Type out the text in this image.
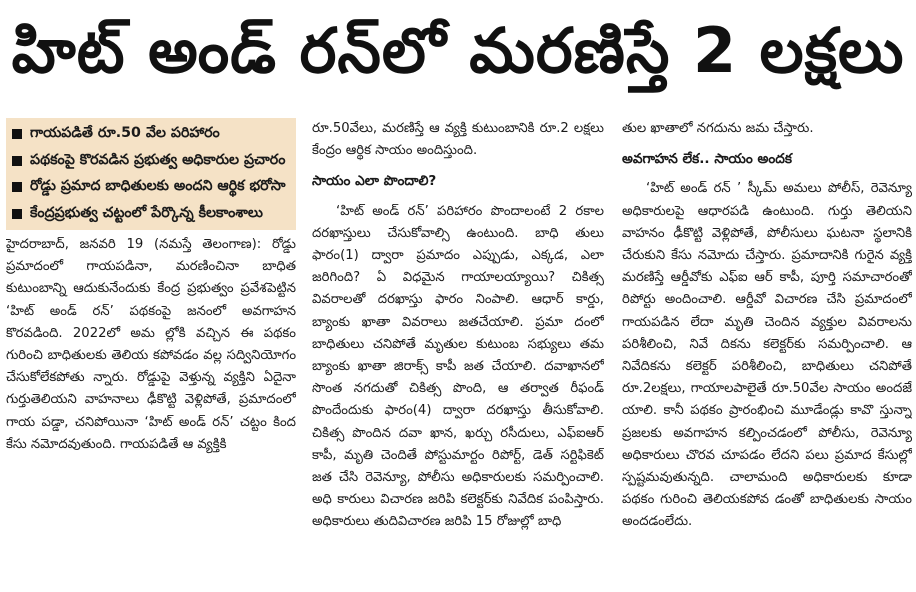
హిట్ అండ్ రన్‌లో మరణిస్తే 2 లక్షలు
గాయపడితే రూ.50 వేల పరిహారం
పథకంపై కొరవడిన ప్రభుత్వ అధికారుల ప్రచారం
రోడ్డు ప్రమాద బాధితులకు అందని ఆర్థిక భరోసా
కేంద్రప్రభుత్వ చట్టంలో పేర్కొన్న కీలకాంశాలు

హైదరాబాద్, జనవరి 19 (నమస్తే తెలంగాణ): రోడ్డు ప్రమాదంలో గాయపడినా, మరణించినా బాధిత కుటుంబాన్ని ఆదుకునేందుకు కేంద్ర ప్రభుత్వం ప్రవేశపెట్టిన ‘హిట్ అండ్ రన్’ పథకంపై జనంలో అవగాహన కొరవడింది. 2022లో అమ ల్లోకి వచ్చిన ఈ పథకం గురించి బాధితులకు తెలియ కపోవడం వల్ల సద్వినియోగం చేసుకోలేకపోతు న్నారు. రోడ్డుపై వెళ్తున్న వ్యక్తిని ఏదైనా గుర్తుతెలియని వాహనాలు ఢీకొట్టి వెళ్లిపోతే, ప్రమాదంలో గాయ పడ్డా, చనిపోయినా ‘హిట్ అండ్ రన్’ చట్టం కింద కేసు నమోదవుతుంది. గాయపడితే ఆ వ్యక్తికి

రూ.50వేలు, మరణిస్తే ఆ వ్యక్తి కుటుంబానికి రూ.2 లక్షలు కేంద్రం ఆర్థిక సాయం అందిస్తుంది.

సాయం ఎలా పొందాలి?

‘హిట్ అండ్ రన్’ పరిహారం పొందాలంటే 2 రకాల దరఖాస్తులు చేసుకోవాల్సి ఉంటుంది. బాధి తులు ఫారం(1) ద్వారా ప్రమాదం ఎప్పుడు, ఎక్కడ, ఎలా జరిగింది? ఏ విధమైన గాయాలయ్యాయి? చికిత్స వివరాలతో దరఖాస్తు ఫారం నింపాలి. ఆధార్ కార్డు, బ్యాంకు ఖాతా వివరాలు జతచేయాలి. ప్రమా దంలో బాధితులు చనిపోతే మృతుల కుటుంబ సభ్యులు తమ బ్యాంకు ఖాతా జిరాక్స్ కాపీ జత చేయాలి. దవాఖానలో సొంత నగదుతో చికిత్స పొంది, ఆ తర్వాత రీఫండ్ పొందేందుకు ఫారం(4) ద్వారా దరఖాస్తు తీసుకోవాలి. చికిత్స పొందిన దవా ఖాన, ఖర్చు రసీదులు, ఎఫ్ఐఆర్ కాపీ, మృతి చెందితే పోస్టుమార్టం రిపోర్ట్, డెత్ సర్టిఫికెట్ జత చేసి రెవెన్యూ, పోలీసు అధికారులకు సమర్పించాలి. అధి కారులు విచారణ జరిపి కలెక్టర్‌కు నివేదిక పంపిస్తారు. అధికారులు తుదివిచారణ జరిపి 15 రోజుల్లో బాధి

తుల ఖాతాలో నగదును జమ చేస్తారు.

అవగాహన లేక.. సాయం అందక

‘హిట్ అండ్ రన్ ’ స్కీమ్ అమలు పోలీస్, రెవెన్యూ అధికారులపై ఆధారపడి ఉంటుంది. గుర్తు తెలియని వాహనం ఢీకొట్టి వెళ్లిపోతే, పోలీసులు ఘటనా స్థలానికి చేరుకుని కేసు నమోదు చేస్తారు. ప్రమాదానికి గురైన వ్యక్తి మరణిస్తే ఆర్డీవోకు ఎఫ్ఐ ఆర్ కాపీ, పూర్తి సమాచారంతో రిపోర్టు అందించాలి. ఆర్డీవో విచారణ చేసి ప్రమాదంలో గాయపడిన లేదా మృతి చెందిన వ్యక్తుల వివరాలను పరిశీలించి, నివే దికను కలెక్టర్‌కు సమర్పించాలి. ఆ నివేదికను కలెక్టర్ పరిశీలించి, బాధితులు చనిపోతే రూ.2లక్షలు, గాయాలపాలైతే రూ.50వేల సాయం అందజే యాలి. కానీ పథకం ప్రారంభించి మూడేండ్లు కావొ స్తున్నా ప్రజలకు అవగాహన కల్పించడంలో పోలీసు, రెవెన్యూ అధికారులు చొరవ చూపడం లేదని పలు ప్రమాద కేసుల్లో స్పష్టమవుతున్నది. చాలామంది అధికారులకు కూడా పథకం గురించి తెలియకపోవ డంతో బాధితులకు సాయం అందడంలేదు.
